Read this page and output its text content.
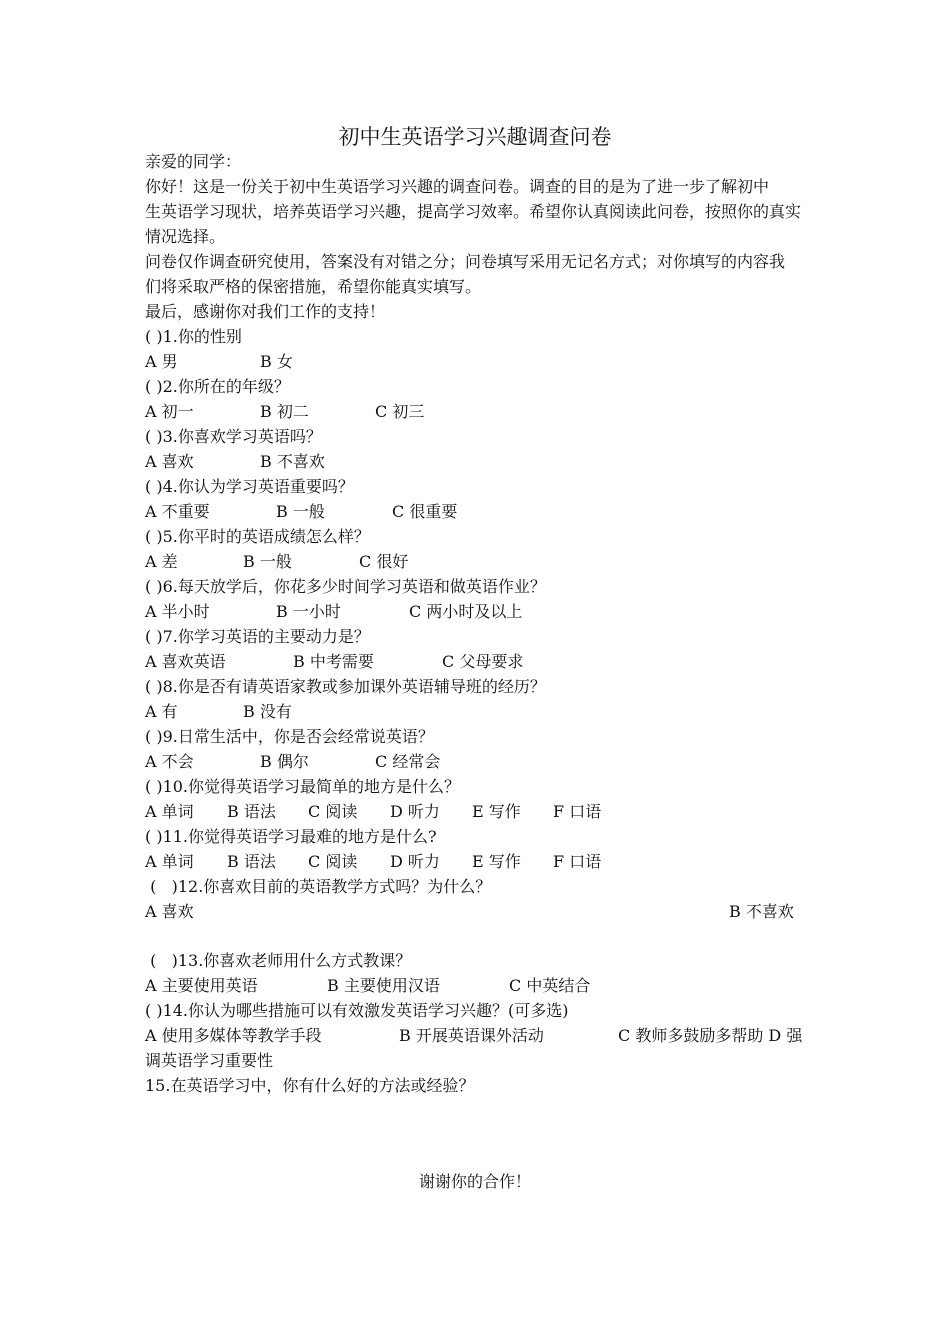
初中生英语学习兴趣调查问卷
亲爱的同学：
你好！这是一份关于初中生英语学习兴趣的调查问卷。调查的目的是为了进一步了解初中
生英语学习现状，培养英语学习兴趣，提高学习效率。希望你认真阅读此问卷，按照你的真实
情况选择。
问卷仅作调查研究使用，答案没有对错之分；问卷填写采用无记名方式；对你填写的内容我
们将采取严格的保密措施，希望你能真实填写。
最后，感谢你对我们工作的支持！
( )1.你的性别
A 男	B 女
( )2.你所在的年级？
A 初一	B 初二	C 初三
( )3.你喜欢学习英语吗？
A 喜欢	B 不喜欢
( )4.你认为学习英语重要吗？
A 不重要	B 一般	C 很重要
( )5.你平时的英语成绩怎么样？
A 差	B 一般	C 很好
( )6.每天放学后，你花多少时间学习英语和做英语作业？
A 半小时	B 一小时	C 两小时及以上
( )7.你学习英语的主要动力是？
A 喜欢英语	B 中考需要	C 父母要求
( )8.你是否有请英语家教或参加课外英语辅导班的经历？
A 有	B 没有
( )9.日常生活中，你是否会经常说英语？
A 不会	B 偶尔	C 经常会
( )10.你觉得英语学习最简单的地方是什么？
A 单词 B 语法 C 阅读 D 听力 E 写作 F 口语
( )11.你觉得英语学习最难的地方是什么?
A 单词 B 语法 C 阅读 D 听力 E 写作 F 口语
(   )12.你喜欢目前的英语教学方式吗？为什么？
A 喜欢	B 不喜欢
(   )13.你喜欢老师用什么方式教课？
A 主要使用英语	B 主要使用汉语	C 中英结合
( )14.你认为哪些措施可以有效激发英语学习兴趣？(可多选)
A 使用多媒体等教学手段	B 开展英语课外活动	C 教师多鼓励多帮助 D 强
调英语学习重要性
15.在英语学习中，你有什么好的方法或经验？
谢谢你的合作！
